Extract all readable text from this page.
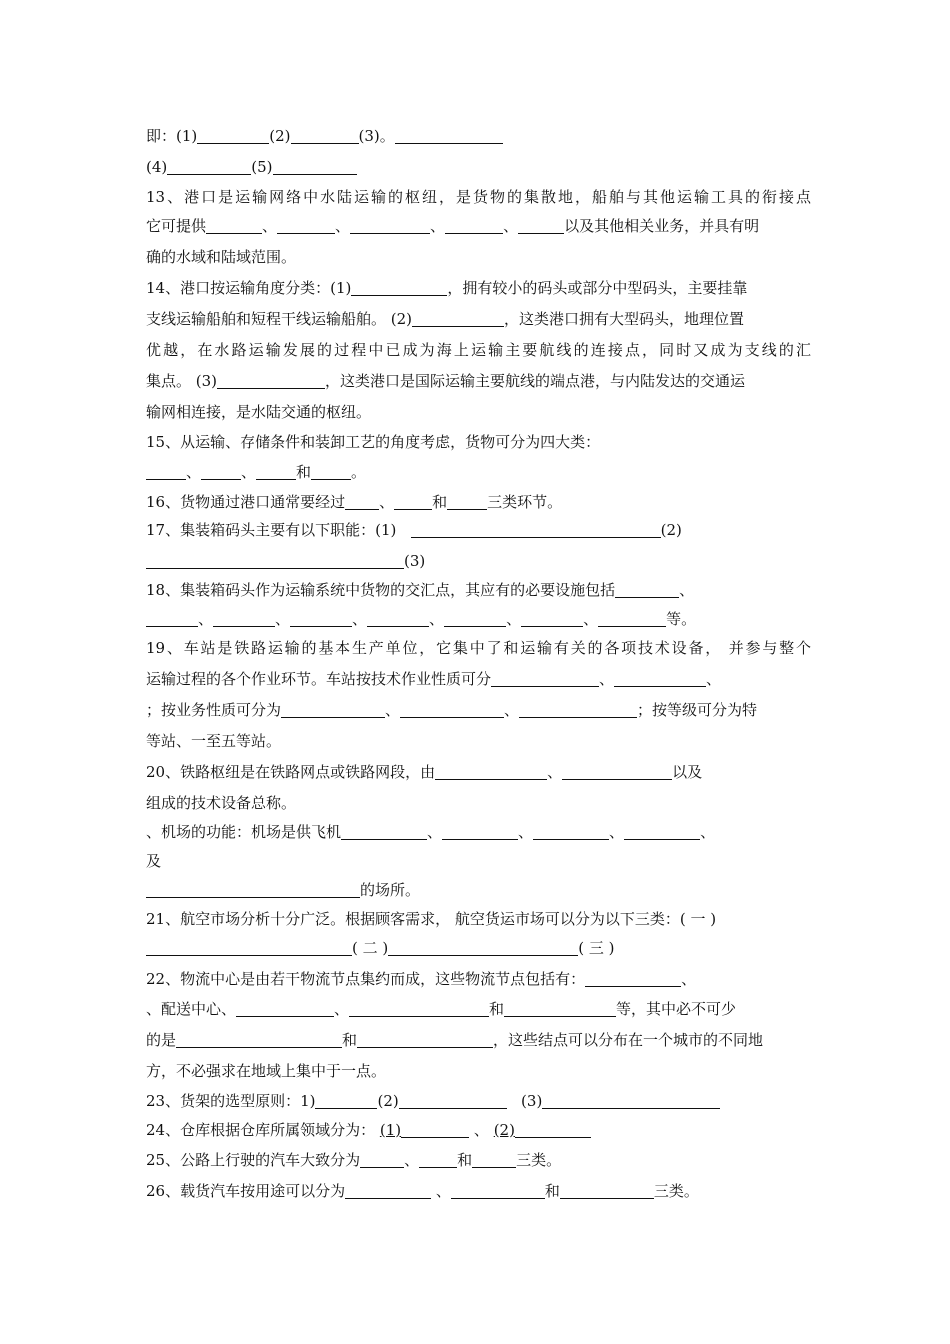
即：(1)	(2)	(3)。
(4)	(5)
13、港口是运输网络中水陆运输的枢纽，是货物的集散地，船舶与其他运输工具的衔接点
它可提供	、	、	、	、	以及其他相关业务，并具有明
确的水域和陆域范围。
14、港口按运输角度分类：(1)	，拥有较小的码头或部分中型码头，主要挂靠
支线运输船舶和短程干线运输船舶。 (2)	，这类港口拥有大型码头，地理位置
优越，在水路运输发展的过程中已成为海上运输主要航线的连接点，同时又成为支线的汇
集点。 (3)	，这类港口是国际运输主要航线的端点港，与内陆发达的交通运
输网相连接，是水陆交通的枢纽。
15、从运输、存储条件和装卸工艺的角度考虑，货物可分为四大类：
、	、	和	。
16、货物通过港口通常要经过 、	和	三类环节。
17、集装箱码头主要有以下职能：(1)	(2)
(3)
18、集装箱码头作为运输系统中货物的交汇点，其应有的必要设施包括	、
、	、	、	、	、	、	等。
19、车站是铁路运输的基本生产单位，它集中了和运输有关的各项技术设备， 并参与整个
运输过程的各个作业环节。车站按技术作业性质可分	、	、
；按业务性质可分为	、	、	；按等级可分为特
等站、一至五等站。
20、铁路枢纽是在铁路网点或铁路网段，由	、	以及
组成的技术设备总称。
、机场的功能：机场是供飞机	、	、	、	、
及
的场所。
21、航空市场分析十分广泛。根据顾客需求， 航空货运市场可以分为以下三类：( 一 )
( 二 )	( 三 )
22、物流中心是由若干物流节点集约而成，这些物流节点包括有：	、
、配送中心、	、	和	等，其中必不可少
的是	和	，这些结点可以分布在一个城市的不同地
方，不必强求在地域上集中于一点。
23、货架的选型原则：1)	(2)	(3)
24、仓库根据仓库所属领域分为： (1)	、 (2)
25、公路上行驶的汽车大致分为	、	和	三类。
26、载货汽车按用途可以分为	、	和	三类。
